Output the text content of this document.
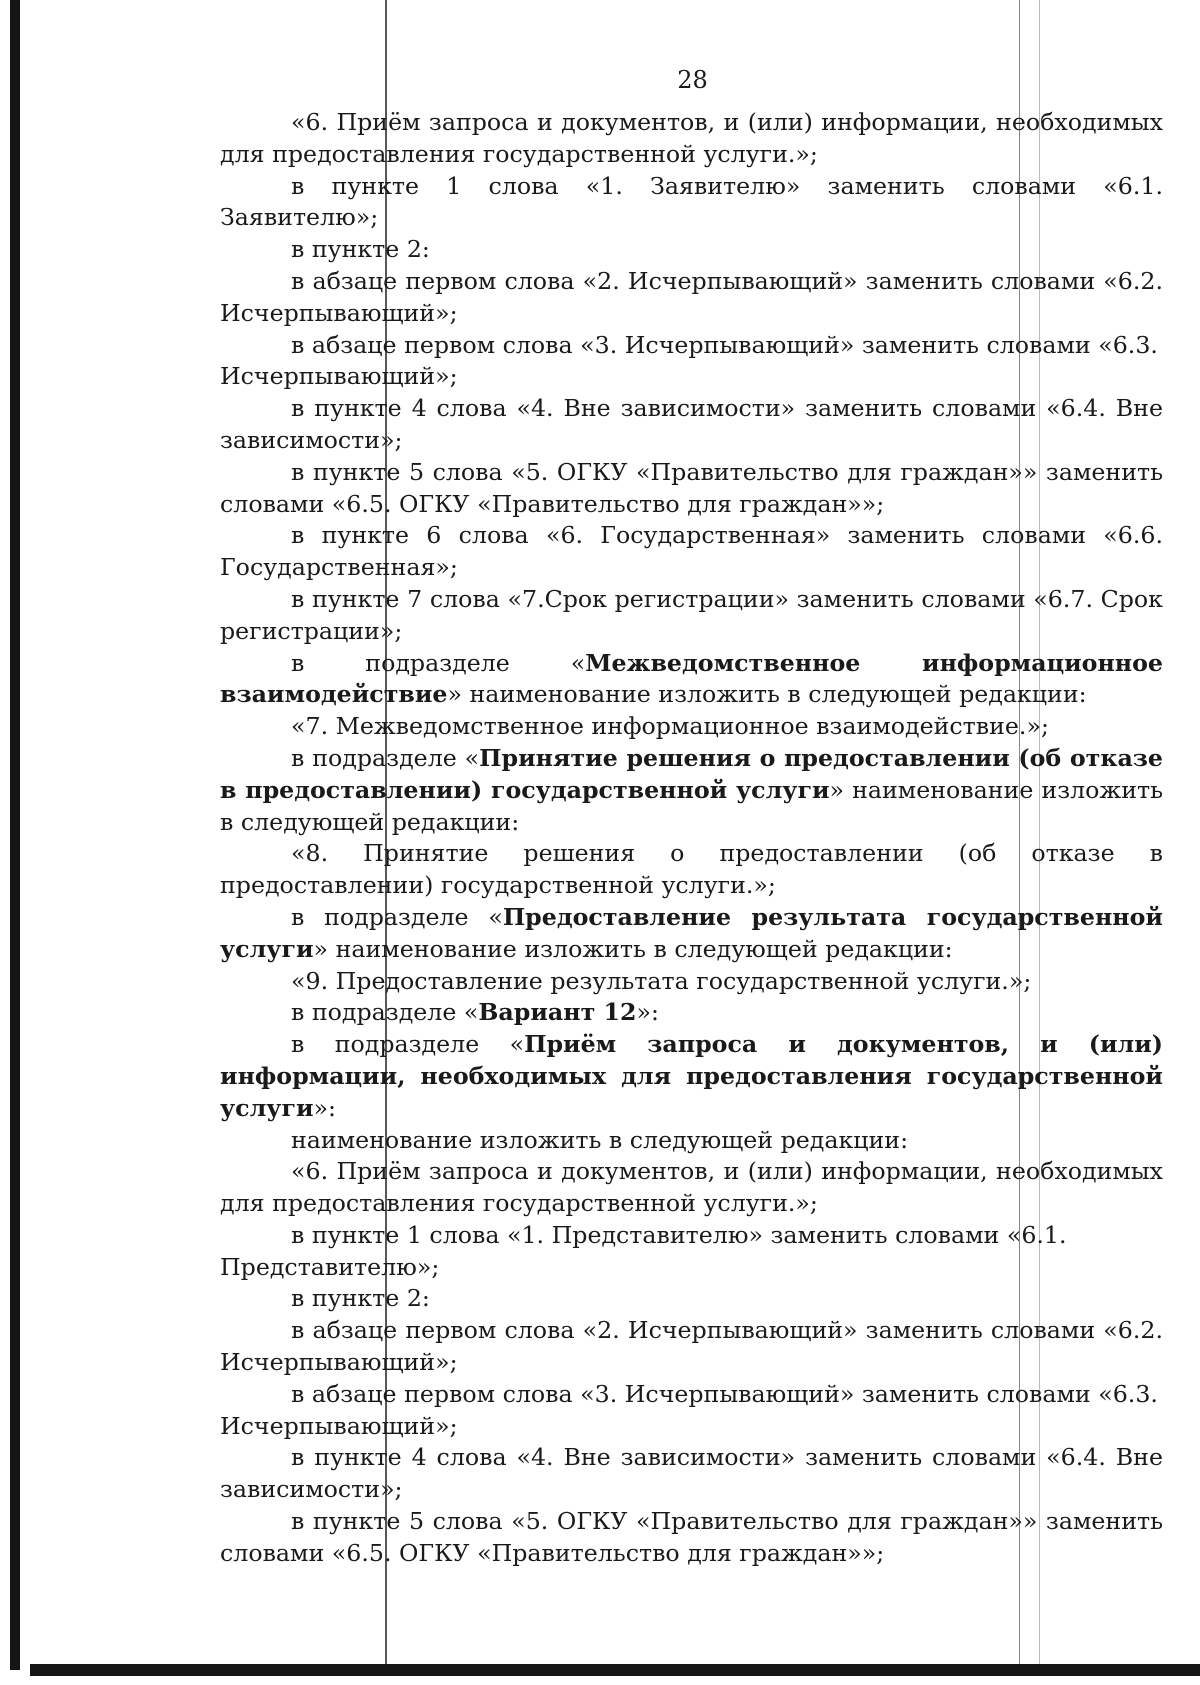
28

«6. Приём запроса и документов, и (или) информации, необходимых для предоставления государственной услуги.»;

в пункте 1 слова «1. Заявителю» заменить словами «6.1. Заявителю»;

в пункте 2:

в абзаце первом слова «2. Исчерпывающий» заменить словами «6.2. Исчерпывающий»;

в абзаце первом слова «3. Исчерпывающий» заменить словами «6.3. Исчерпывающий»;

в пункте 4 слова «4. Вне зависимости» заменить словами «6.4. Вне зависимости»;

в пункте 5 слова «5. ОГКУ «Правительство для граждан»» заменить словами «6.5. ОГКУ «Правительство для граждан»»;

в пункте 6 слова «6. Государственная» заменить словами «6.6. Государственная»;

в пункте 7 слова «7.Срок регистрации» заменить словами «6.7. Срок регистрации»;

в подразделе «Межведомственное информационное взаимодействие» наименование изложить в следующей редакции:

«7. Межведомственное информационное взаимодействие.»;

в подразделе «Принятие решения о предоставлении (об отказе в предоставлении) государственной услуги» наименование изложить в следующей редакции:

«8. Принятие решения о предоставлении (об отказе в предоставлении) государственной услуги.»;

в подразделе «Предоставление результата государственной услуги» наименование изложить в следующей редакции:

«9. Предоставление результата государственной услуги.»;

в подразделе «Вариант 12»:

в подразделе «Приём запроса и документов, и (или) информации, необходимых для предоставления государственной услуги»:

наименование изложить в следующей редакции:

«6. Приём запроса и документов, и (или) информации, необходимых для предоставления государственной услуги.»;

в пункте 1 слова «1. Представителю» заменить словами «6.1. Представителю»;

в пункте 2:

в абзаце первом слова «2. Исчерпывающий» заменить словами «6.2. Исчерпывающий»;

в абзаце первом слова «3. Исчерпывающий» заменить словами «6.3. Исчерпывающий»;

в пункте 4 слова «4. Вне зависимости» заменить словами «6.4. Вне зависимости»;

в пункте 5 слова «5. ОГКУ «Правительство для граждан»» заменить словами «6.5. ОГКУ «Правительство для граждан»»;
